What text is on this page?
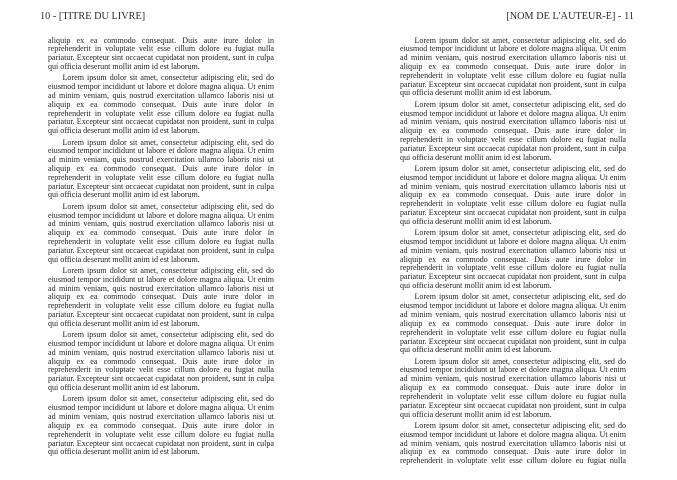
10 - [TITRE DU LIVRE]

aliquip ex ea commodo consequat. Duis aute irure dolor in
reprehenderit in voluptate velit esse cillum dolore eu fugiat nulla
pariatur. Excepteur sint occaecat cupidatat non proident, sunt in culpa
qui officia deserunt mollit anim id est laborum.

Lorem ipsum dolor sit amet, consectetur adipiscing elit, sed do
eiusmod tempor incididunt ut labore et dolore magna aliqua. Ut enim
ad minim veniam, quis nostrud exercitation ullamco laboris nisi ut
aliquip ex ea commodo consequat. Duis aute irure dolor in
reprehenderit in voluptate velit esse cillum dolore eu fugiat nulla
pariatur. Excepteur sint occaecat cupidatat non proident, sunt in culpa
qui officia deserunt mollit anim id est laborum.

Lorem ipsum dolor sit amet, consectetur adipiscing elit, sed do
eiusmod tempor incididunt ut labore et dolore magna aliqua. Ut enim
ad minim veniam, quis nostrud exercitation ullamco laboris nisi ut
aliquip ex ea commodo consequat. Duis aute irure dolor in
reprehenderit in voluptate velit esse cillum dolore eu fugiat nulla
pariatur. Excepteur sint occaecat cupidatat non proident, sunt in culpa
qui officia deserunt mollit anim id est laborum.

Lorem ipsum dolor sit amet, consectetur adipiscing elit, sed do
eiusmod tempor incididunt ut labore et dolore magna aliqua. Ut enim
ad minim veniam, quis nostrud exercitation ullamco laboris nisi ut
aliquip ex ea commodo consequat. Duis aute irure dolor in
reprehenderit in voluptate velit esse cillum dolore eu fugiat nulla
pariatur. Excepteur sint occaecat cupidatat non proident, sunt in culpa
qui officia deserunt mollit anim id est laborum.

Lorem ipsum dolor sit amet, consectetur adipiscing elit, sed do
eiusmod tempor incididunt ut labore et dolore magna aliqua. Ut enim
ad minim veniam, quis nostrud exercitation ullamco laboris nisi ut
aliquip ex ea commodo consequat. Duis aute irure dolor in
reprehenderit in voluptate velit esse cillum dolore eu fugiat nulla
pariatur. Excepteur sint occaecat cupidatat non proident, sunt in culpa
qui officia deserunt mollit anim id est laborum.

Lorem ipsum dolor sit amet, consectetur adipiscing elit, sed do
eiusmod tempor incididunt ut labore et dolore magna aliqua. Ut enim
ad minim veniam, quis nostrud exercitation ullamco laboris nisi ut
aliquip ex ea commodo consequat. Duis aute irure dolor in
reprehenderit in voluptate velit esse cillum dolore eu fugiat nulla
pariatur. Excepteur sint occaecat cupidatat non proident, sunt in culpa
qui officia deserunt mollit anim id est laborum.

Lorem ipsum dolor sit amet, consectetur adipiscing elit, sed do
eiusmod tempor incididunt ut labore et dolore magna aliqua. Ut enim
ad minim veniam, quis nostrud exercitation ullamco laboris nisi ut
aliquip ex ea commodo consequat. Duis aute irure dolor in
reprehenderit in voluptate velit esse cillum dolore eu fugiat nulla
pariatur. Excepteur sint occaecat cupidatat non proident, sunt in culpa
qui officia deserunt mollit anim id est laborum.

[NOM DE L'AUTEUR-E] - 11

Lorem ipsum dolor sit amet, consectetur adipiscing elit, sed do
eiusmod tempor incididunt ut labore et dolore magna aliqua. Ut enim
ad minim veniam, quis nostrud exercitation ullamco laboris nisi ut
aliquip ex ea commodo consequat. Duis aute irure dolor in
reprehenderit in voluptate velit esse cillum dolore eu fugiat nulla
pariatur. Excepteur sint occaecat cupidatat non proident, sunt in culpa
qui officia deserunt mollit anim id est laborum.

Lorem ipsum dolor sit amet, consectetur adipiscing elit, sed do
eiusmod tempor incididunt ut labore et dolore magna aliqua. Ut enim
ad minim veniam, quis nostrud exercitation ullamco laboris nisi ut
aliquip ex ea commodo consequat. Duis aute irure dolor in
reprehenderit in voluptate velit esse cillum dolore eu fugiat nulla
pariatur. Excepteur sint occaecat cupidatat non proident, sunt in culpa
qui officia deserunt mollit anim id est laborum.

Lorem ipsum dolor sit amet, consectetur adipiscing elit, sed do
eiusmod tempor incididunt ut labore et dolore magna aliqua. Ut enim
ad minim veniam, quis nostrud exercitation ullamco laboris nisi ut
aliquip ex ea commodo consequat. Duis aute irure dolor in
reprehenderit in voluptate velit esse cillum dolore eu fugiat nulla
pariatur. Excepteur sint occaecat cupidatat non proident, sunt in culpa
qui officia deserunt mollit anim id est laborum.

Lorem ipsum dolor sit amet, consectetur adipiscing elit, sed do
eiusmod tempor incididunt ut labore et dolore magna aliqua. Ut enim
ad minim veniam, quis nostrud exercitation ullamco laboris nisi ut
aliquip ex ea commodo consequat. Duis aute irure dolor in
reprehenderit in voluptate velit esse cillum dolore eu fugiat nulla
pariatur. Excepteur sint occaecat cupidatat non proident, sunt in culpa
qui officia deserunt mollit anim id est laborum.

Lorem ipsum dolor sit amet, consectetur adipiscing elit, sed do
eiusmod tempor incididunt ut labore et dolore magna aliqua. Ut enim
ad minim veniam, quis nostrud exercitation ullamco laboris nisi ut
aliquip ex ea commodo consequat. Duis aute irure dolor in
reprehenderit in voluptate velit esse cillum dolore eu fugiat nulla
pariatur. Excepteur sint occaecat cupidatat non proident, sunt in culpa
qui officia deserunt mollit anim id est laborum.

Lorem ipsum dolor sit amet, consectetur adipiscing elit, sed do
eiusmod tempor incididunt ut labore et dolore magna aliqua. Ut enim
ad minim veniam, quis nostrud exercitation ullamco laboris nisi ut
aliquip ex ea commodo consequat. Duis aute irure dolor in
reprehenderit in voluptate velit esse cillum dolore eu fugiat nulla
pariatur. Excepteur sint occaecat cupidatat non proident, sunt in culpa
qui officia deserunt mollit anim id est laborum.

Lorem ipsum dolor sit amet, consectetur adipiscing elit, sed do
eiusmod tempor incididunt ut labore et dolore magna aliqua. Ut enim
ad minim veniam, quis nostrud exercitation ullamco laboris nisi ut
aliquip ex ea commodo consequat. Duis aute irure dolor in
reprehenderit in voluptate velit esse cillum dolore eu fugiat nulla
